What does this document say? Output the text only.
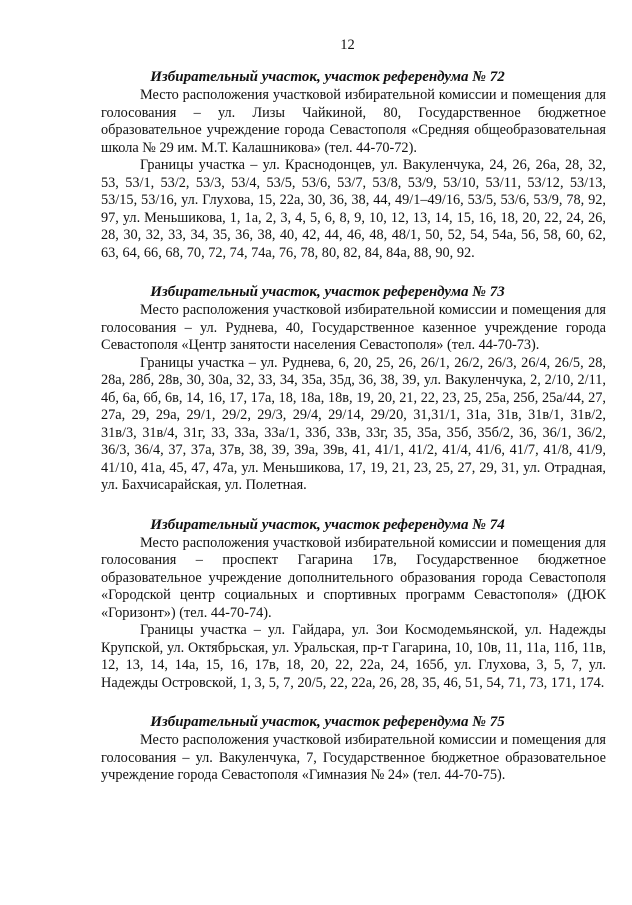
12
Избирательный участок, участок референдума № 72

Место расположения участковой избирательной комиссии и помещения для голосования – ул. Лизы Чайкиной, 80, Государственное бюджетное образовательное учреждение города Севастополя «Средняя общеобразовательная школа № 29 им. М.Т. Калашникова» (тел. 44-70-72).

Границы участка – ул. Краснодонцев, ул. Вакуленчука, 24, 26, 26а, 28, 32, 53, 53/1, 53/2, 53/3, 53/4, 53/5, 53/6, 53/7, 53/8, 53/9, 53/10, 53/11, 53/12, 53/13, 53/15, 53/16, ул. Глухова, 15, 22а, 30, 36, 38, 44, 49/1–49/16, 53/5, 53/6, 53/9, 78, 92, 97, ул. Меньшикова, 1, 1а, 2, 3, 4, 5, 6, 8, 9, 10, 12, 13, 14, 15, 16, 18, 20, 22, 24, 26, 28, 30, 32, 33, 34, 35, 36, 38, 40, 42, 44, 46, 48, 48/1, 50, 52, 54, 54а, 56, 58, 60, 62, 63, 64, 66, 68, 70, 72, 74, 74а, 76, 78, 80, 82, 84, 84а, 88, 90, 92.

Избирательный участок, участок референдума № 73

Место расположения участковой избирательной комиссии и помещения для голосования – ул. Руднева, 40, Государственное казенное учреждение города Севастополя «Центр занятости населения Севастополя» (тел. 44-70-73).

Границы участка – ул. Руднева, 6, 20, 25, 26, 26/1, 26/2, 26/3, 26/4, 26/5, 28, 28а, 28б, 28в, 30, 30а, 32, 33, 34, 35а, 35д, 36, 38, 39, ул. Вакуленчука, 2, 2/10, 2/11, 4б, 6а, 6б, 6в, 14, 16, 17, 17а, 18, 18а, 18в, 19, 20, 21, 22, 23, 25, 25а, 25б, 25а/44, 27, 27а, 29, 29а, 29/1, 29/2, 29/3, 29/4, 29/14, 29/20, 31,31/1, 31а, 31в, 31в/1, 31в/2, 31в/3, 31в/4, 31г, 33, 33а, 33а/1, 33б, 33в, 33г, 35, 35а, 35б, 35б/2, 36, 36/1, 36/2, 36/3, 36/4, 37, 37а, 37в, 38, 39, 39а, 39в, 41, 41/1, 41/2, 41/4, 41/6, 41/7, 41/8, 41/9, 41/10, 41а, 45, 47, 47а, ул. Меньшикова, 17, 19, 21, 23, 25, 27, 29, 31, ул. Отрадная, ул. Бахчисарайская, ул. Полетная.

Избирательный участок, участок референдума № 74

Место расположения участковой избирательной комиссии и помещения для голосования – проспект Гагарина 17в, Государственное бюджетное образовательное учреждение дополнительного образования города Севастополя «Городской центр социальных и спортивных программ Севастополя» (ДЮК «Горизонт») (тел. 44-70-74).

Границы участка – ул. Гайдара, ул. Зои Космодемьянской, ул. Надежды Крупской, ул. Октябрьская, ул. Уральская, пр-т Гагарина, 10, 10в, 11, 11а, 11б, 11в, 12, 13, 14, 14а, 15, 16, 17в, 18, 20, 22, 22а, 24, 165б, ул. Глухова, 3, 5, 7, ул. Надежды Островской, 1, 3, 5, 7, 20/5, 22, 22а, 26, 28, 35, 46, 51, 54, 71, 73, 171, 174.

Избирательный участок, участок референдума № 75

Место расположения участковой избирательной комиссии и помещения для голосования – ул. Вакуленчука, 7, Государственное бюджетное образовательное учреждение города Севастополя «Гимназия № 24» (тел. 44-70-75).
